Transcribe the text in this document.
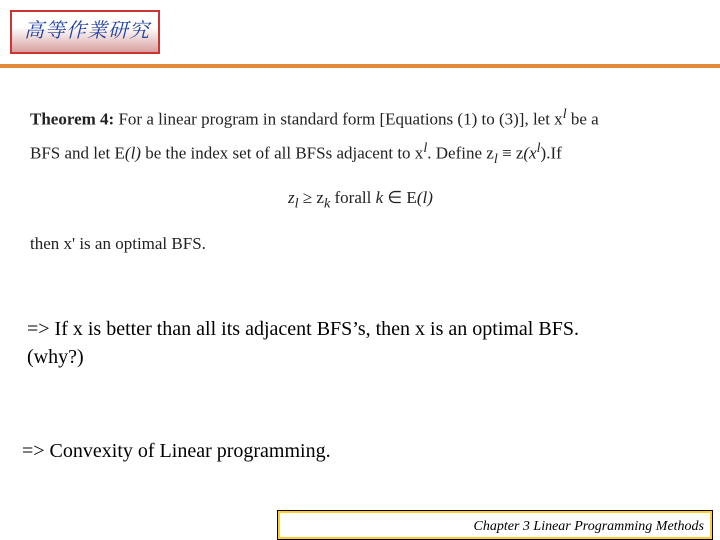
高等作業研究
Theorem 4: For a linear program in standard form [Equations (1) to (3)], let $x^l$ be a
BFS and let E(l) be the index set of all BFSs adjacent to $x^l$. Define $z_l \equiv z(x^l).If$
$z_l \ge z_k$ forall k ∈ E(l)
then x' is an optimal BFS.
=> If x is better than all its adjacent BFS’s, then x is an optimal BFS.
(why?)
=> Convexity of Linear programming.
Chapter 3 Linear Programming Methods
